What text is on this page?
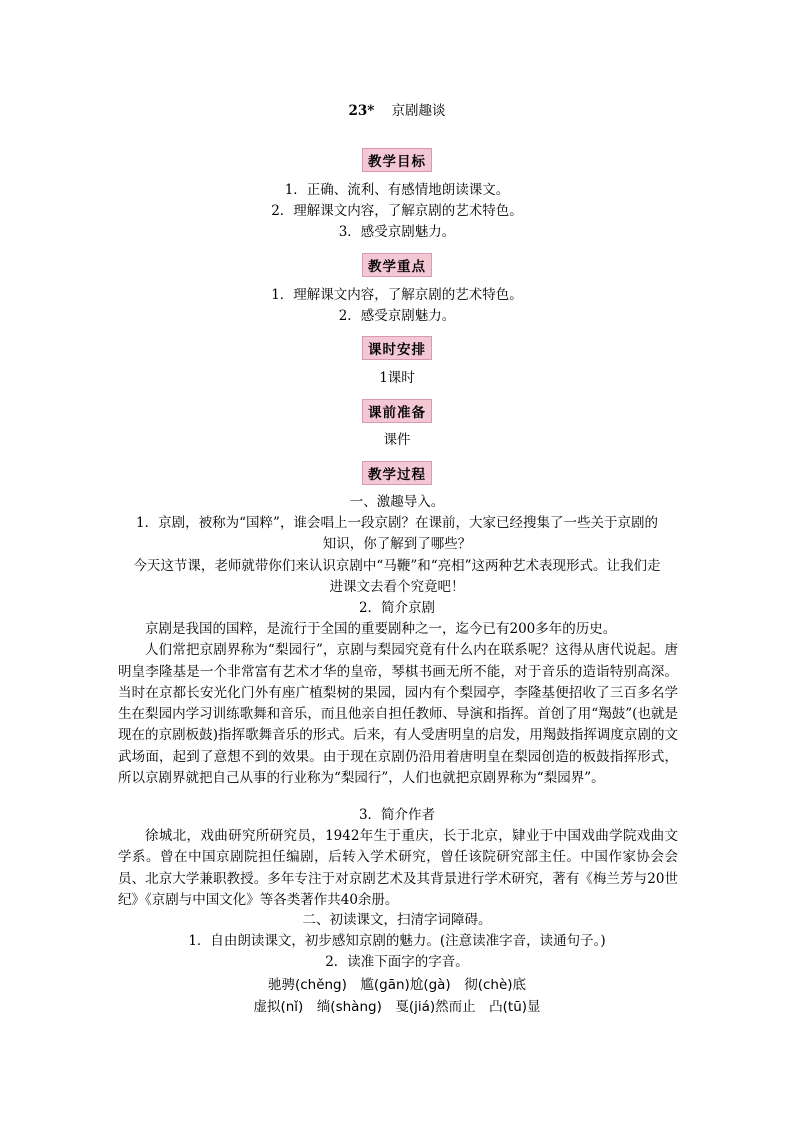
23* 京剧趣谈
教学目标
1．正确、流利、有感情地朗读课文。
2．理解课文内容，了解京剧的艺术特色。
3．感受京剧魅力。
教学重点
1．理解课文内容，了解京剧的艺术特色。
2．感受京剧魅力。
课时安排
1课时
课前准备
课件
教学过程
一、激趣导入。
1．京剧，被称为“国粹”，谁会唱上一段京剧？在课前，大家已经搜集了一些关于京剧的知识，你了解到了哪些？
今天这节课，老师就带你们来认识京剧中“马鞭”和“亮相”这两种艺术表现形式。让我们走进课文去看个究竟吧！
2．简介京剧

京剧是我国的国粹，是流行于全国的重要剧种之一，迄今已有200多年的历史。

人们常把京剧界称为“梨园行”，京剧与梨园究竟有什么内在联系呢？这得从唐代说起。唐明皇李隆基是一个非常富有艺术才华的皇帝，琴棋书画无所不能，对于音乐的造诣特别高深。当时在京都长安光化门外有座广植梨树的果园，园内有个梨园亭，李隆基便招收了三百多名学生在梨园内学习训练歌舞和音乐，而且他亲自担任教师、导演和指挥。首创了用“羯鼓”(也就是现在的京剧板鼓)指挥歌舞音乐的形式。后来，有人受唐明皇的启发，用羯鼓指挥调度京剧的文武场面，起到了意想不到的效果。由于现在京剧仍沿用着唐明皇在梨园创造的板鼓指挥形式，所以京剧界就把自己从事的行业称为“梨园行”，人们也就把京剧界称为“梨园界”。

3．简介作者

徐城北，戏曲研究所研究员，1942年生于重庆，长于北京，肄业于中国戏曲学院戏曲文学系。曾在中国京剧院担任编剧，后转入学术研究，曾任该院研究部主任。中国作家协会会员、北京大学兼职教授。多年专注于对京剧艺术及其背景进行学术研究，著有《梅兰芳与20世纪》《京剧与中国文化》等各类著作共40余册。

二、初读课文，扫清字词障碍。
1．自由朗读课文，初步感知京剧的魅力。(注意读准字音，读通句子。)
2．读准下面字的字音。
驰骋(chěng)　尴(gān)尬(gà)　彻(chè)底
虚拟(nǐ)　绱(shàng)　戛(jiá)然而止　凸(tū)显
